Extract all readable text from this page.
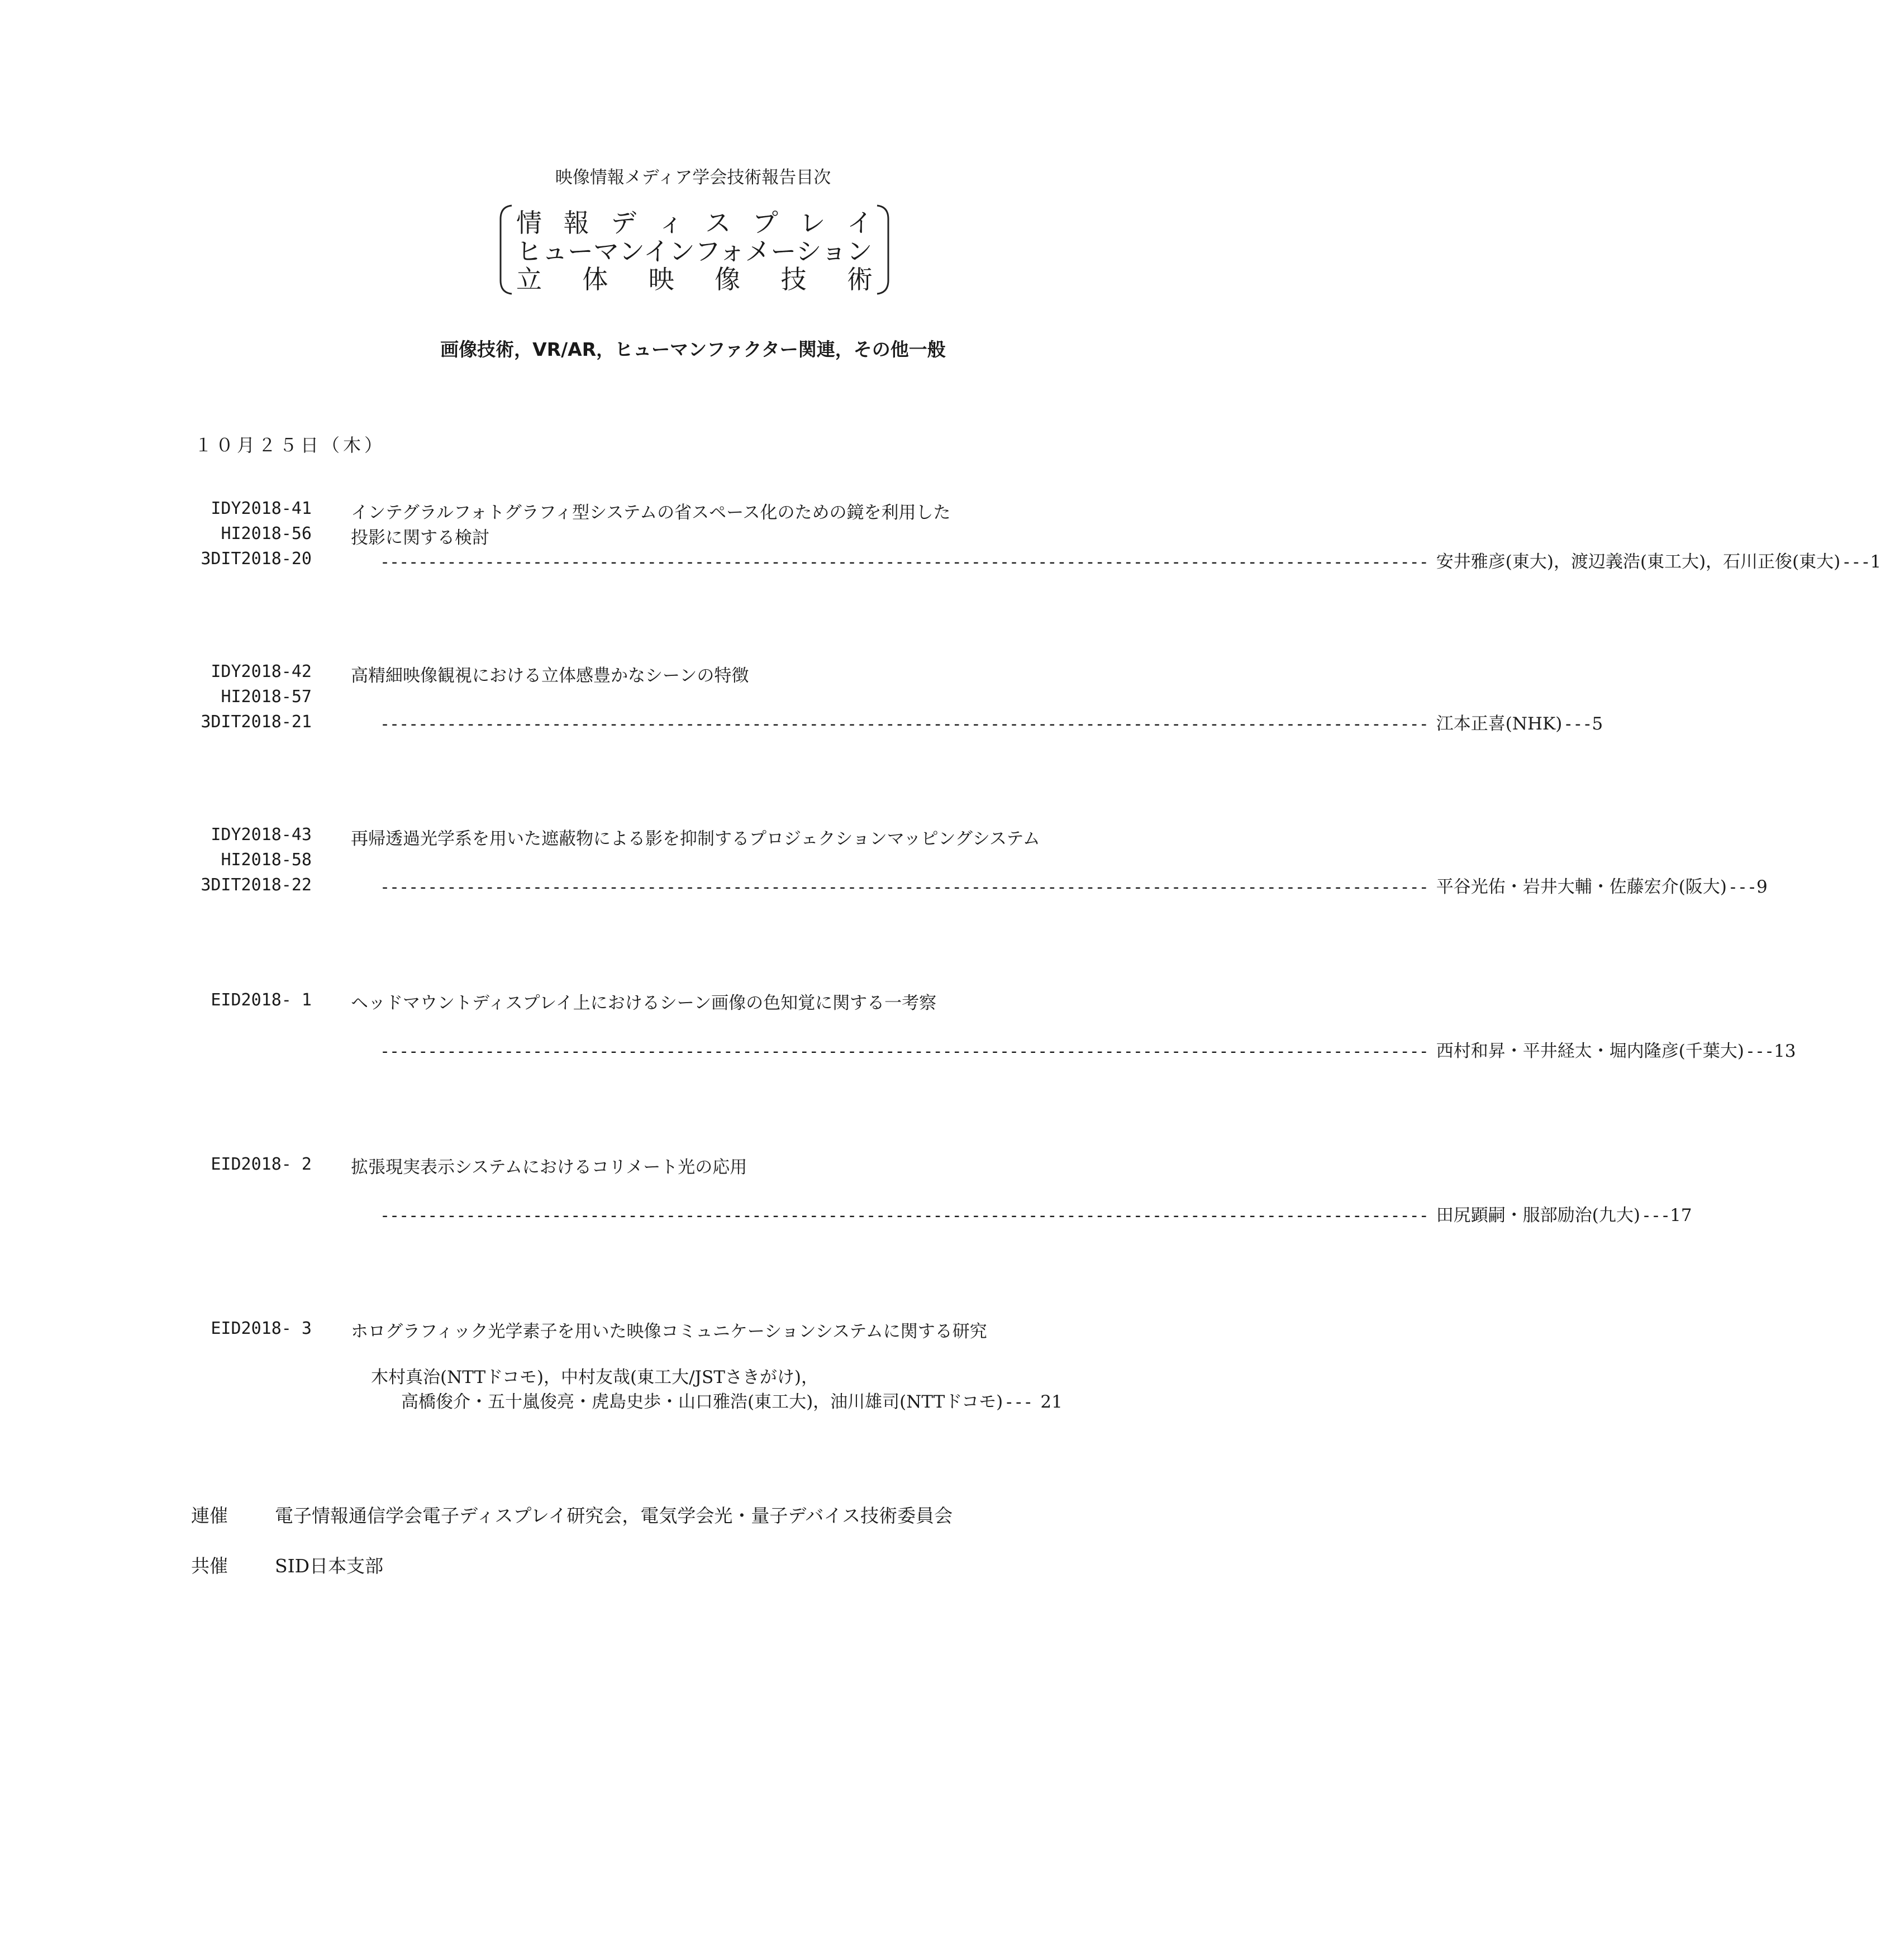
映像情報メディア学会技術報告目次
情 報 デ ィ ス プ レ イ
ヒューマンインフォメーション
立 体 映 像 技 術
画像技術，VR/AR，ヒューマンファクター関連，その他一般
１０月２５日（木）
IDY2018-41
HI2018-56
3DIT2018-20
インテグラルフォトグラフィ型システムの省スペース化のための鏡を利用した
投影に関する検討
-------------------------------------------------------------------------------------------------------------- 安井雅彦(東大)，渡辺義浩(東工大)，石川正俊(東大) --- 1
IDY2018-42
HI2018-57
3DIT2018-21
高精細映像観視における立体感豊かなシーンの特徴
-------------------------------------------------------------------------------------------------------------- 江本正喜(NHK) --- 5
IDY2018-43
HI2018-58
3DIT2018-22
再帰透過光学系を用いた遮蔽物による影を抑制するプロジェクションマッピングシステム
-------------------------------------------------------------------------------------------------------------- 平谷光佑・岩井大輔・佐藤宏介(阪大) --- 9
EID2018- 1 ヘッドマウントディスプレイ上におけるシーン画像の色知覚に関する一考察
-------------------------------------------------------------------------------------------------------------- 西村和昇・平井経太・堀内隆彦(千葉大) --- 13
EID2018- 2 拡張現実表示システムにおけるコリメート光の応用
-------------------------------------------------------------------------------------------------------------- 田尻顕嗣・服部励治(九大) --- 17
EID2018- 3 ホログラフィック光学素子を用いた映像コミュニケーションシステムに関する研究
木村真治(NTTドコモ)，中村友哉(東工大/JSTさきがけ)，
高橋俊介・五十嵐俊亮・虎島史歩・山口雅浩(東工大)，油川雄司(NTTドコモ) --- 21
連催	電子情報通信学会電子ディスプレイ研究会，電気学会光・量子デバイス技術委員会
共催	SID日本支部
